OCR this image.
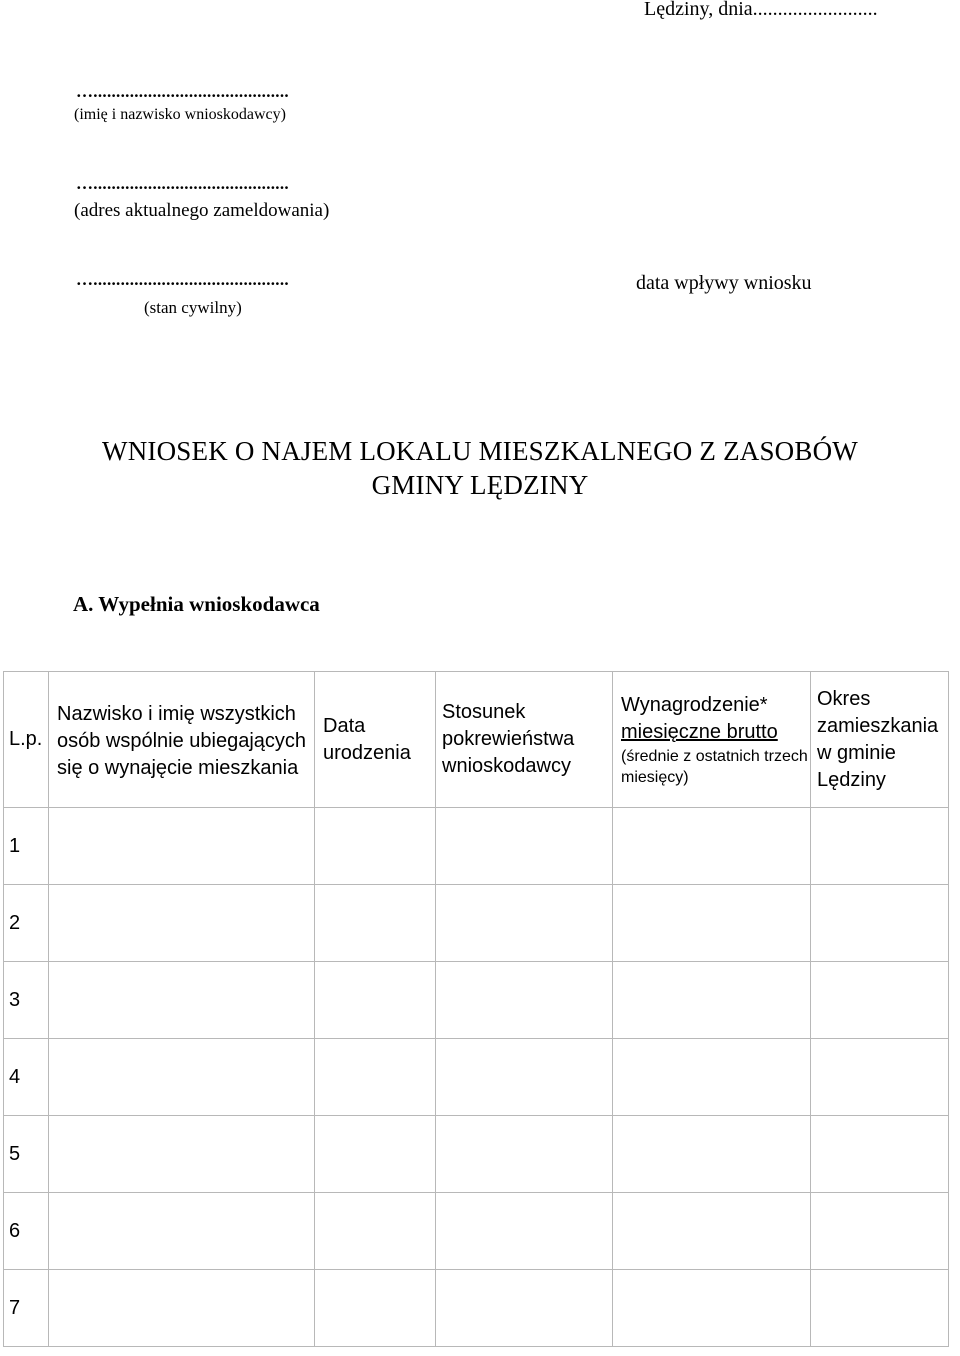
Lędziny, dnia.........................
…...........................................
(imię i nazwisko wnioskodawcy)
…...........................................
(adres aktualnego zameldowania)
…...........................................
(stan cywilny)
data wpływy wniosku
WNIOSEK O NAJEM LOKALU MIESZKALNEGO Z ZASOBÓW
GMINY LĘDZINY
A. Wypełnia wnioskodawca
L.p.	Nazwisko i imię wszystkich osób wspólnie ubiegających się o wynajęcie mieszkania	Data urodzenia	Stosunek pokrewieństwa wnioskodawcy	Wynagrodzenie*
miesięczne brutto
(średnie z ostatnich trzech miesięcy)	Okres zamieszkania w gminie Lędziny
1					
2					
3					
4					
5					
6					
7					
